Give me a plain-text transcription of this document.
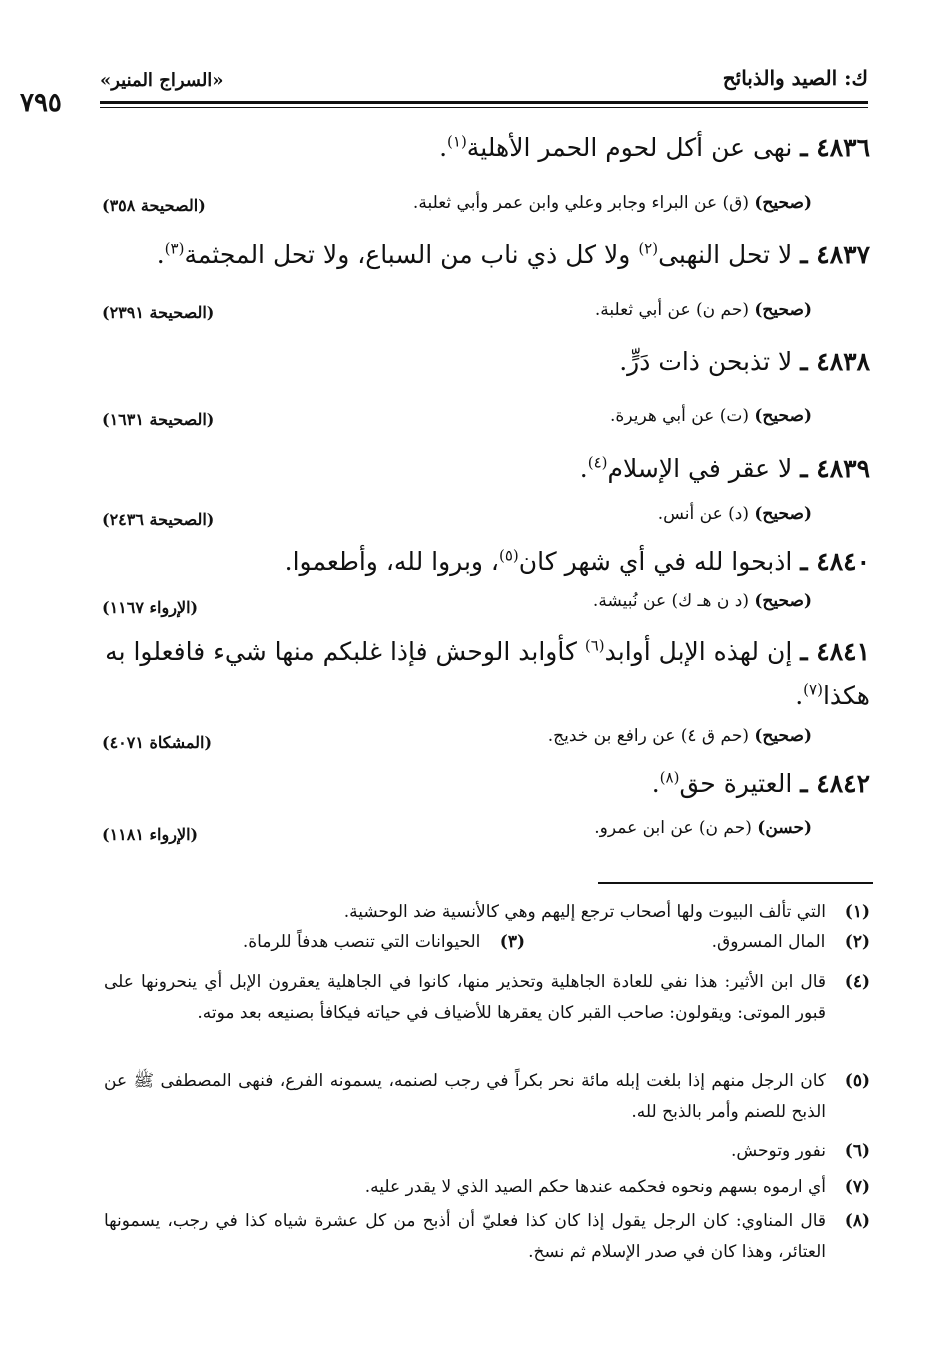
ك: الصيد والذبائح
«السراج المنير»
٧٩٥
٤٨٣٦ ـ نهى عن أكل لحوم الحمر الأهلية$^{(١)}$.
(صحيح) (ق) عن البراء وجابر وعلي وابن عمر وأبي ثعلبة.
(الصحيحة ٣٥٨)
٤٨٣٧ ـ لا تحل النهبى$^{(٢)}$ ولا كل ذي ناب من السباع، ولا تحل المجثمة$^{(٣)}$.
(صحيح) (حم ن) عن أبي ثعلبة.
(الصحيحة ٢٣٩١)
٤٨٣٨ ـ لا تذبحن ذات دَرٍّ.
(صحيح) (ت) عن أبي هريرة.
(الصحيحة ١٦٣١)
٤٨٣٩ ـ لا عقر في الإسلام$^{(٤)}$.
(صحيح) (د) عن أنس.
(الصحيحة ٢٤٣٦)
٤٨٤٠ ـ اذبحوا لله في أي شهر كان$^{(٥)}$، وبروا لله، وأطعموا.
(صحيح) (د ن هـ ك) عن نُبيشة.
(الإرواء ١١٦٧)
٤٨٤١ ـ إن لهذه الإبل أوابد$^{(٦)}$ كأوابد الوحش فإذا غلبكم منها شيء فافعلوا به هكذا$^{(٧)}$.
(صحيح) (حم ق ٤) عن رافع بن خديج.
(المشكاة ٤٠٧١)
٤٨٤٢ ـ العتيرة حق$^{(٨)}$.
(حسن) (حم ن) عن ابن عمرو.
(الإرواء ١١٨١)
(١)
التي تألف البيوت ولها أصحاب ترجع إليهم وهي كالأنسية ضد الوحشية.
(٢) المال المسروق.
(٣) الحيوانات التي تنصب هدفاً للرماة.
(٤)
قال ابن الأثير: هذا نفي للعادة الجاهلية وتحذير منها، كانوا في الجاهلية يعقرون الإبل أي ينحرونها على قبور الموتى: ويقولون: صاحب القبر كان يعقرها للأضياف في حياته فيكافأ بصنيعه بعد موته.
(٥)
كان الرجل منهم إذا بلغت إبله مائة نحر بكراً في رجب لصنمه، يسمونه الفرع، فنهى المصطفى ﷺ عن الذبح للصنم وأمر بالذبح لله.
(٦)
نفور وتوحش.
(٧)
أي ارموه بسهم ونحوه فحكمه عندها حكم الصيد الذي لا يقدر عليه.
(٨)
قال المناوي: كان الرجل يقول إذا كان كذا فعليّ أن أذبح من كل عشرة شياه كذا في رجب، يسمونها العتائر، وهذا كان في صدر الإسلام ثم نسخ.
